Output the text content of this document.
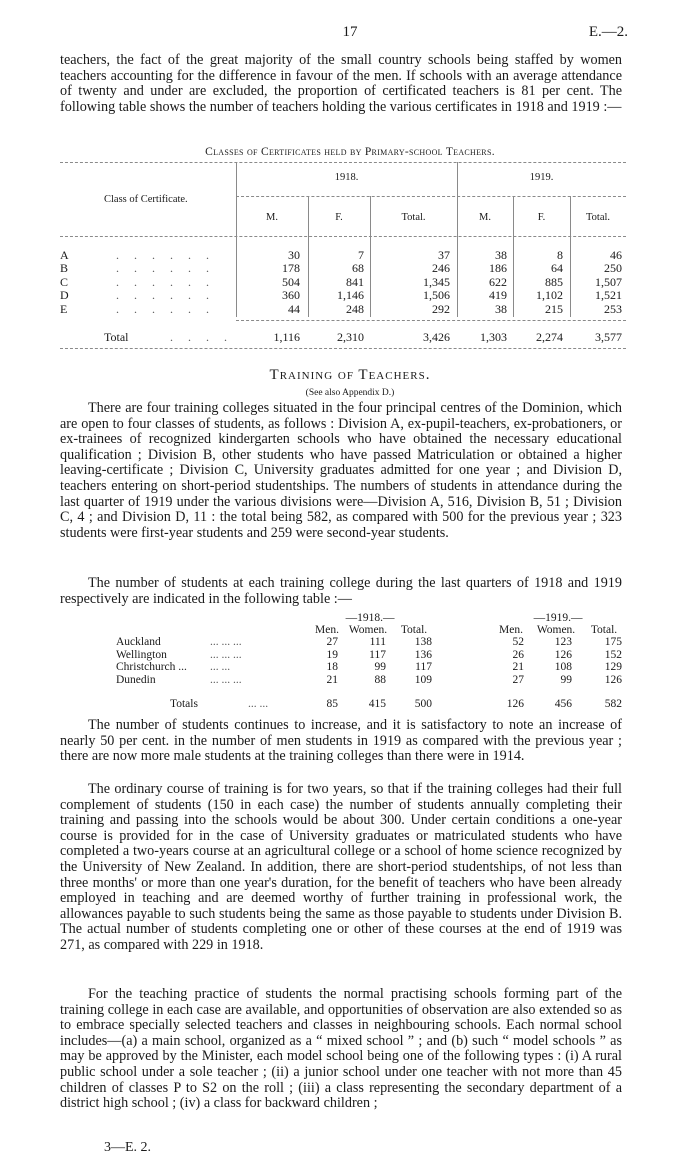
17	E.—2.

teachers, the fact of the great majority of the small country schools being staffed by women teachers accounting for the difference in favour of the men. If schools with an average attendance of twenty and under are excluded, the proportion of certificated teachers is 81 per cent. The following table shows the number of teachers holding the various certificates in 1918 and 1919 :—

Classes of Certificates held by Primary-school Teachers.
Class of Certificate.
1918.	1919.
M.	F.	Total.	M.	F.	Total.
A	. . . . . .	30	7	37	38	8	46
B	. . . . . .	178	68	246	186	64	250
C	. . . . . .	504	841	1,345	622	885	1,507
D	. . . . . .	360	1,146	1,506	419	1,102	1,521
E	. . . . . .	44	248	292	38	215	253
Total	. . . .	1,116	2,310	3,426	1,303	2,274	3,577
Training of Teachers.
(See also Appendix D.)

There are four training colleges situated in the four principal centres of the Dominion, which are open to four classes of students, as follows : Division A, ex-pupil-teachers, ex-probationers, or ex-trainees of recognized kindergarten schools who have obtained the necessary educational qualification ; Division B, other students who have passed Matriculation or obtained a higher leaving-certificate ; Division C, University graduates admitted for one year ; and Division D, teachers entering on short-period studentships. The numbers of students in attendance during the last quarter of 1919 under the various divisions were—Division A, 516, Division B, 51 ; Division C, 4 ; and Division D, 11 : the total being 582, as compared with 500 for the previous year ; 323 students were first-year students and 259 were second-year students.

The number of students at each training college during the last quarters of 1918 and 1919 respectively are indicated in the following table :—

—1918.—	—1919.—
Men. Women.	Total.	Men.	Women.	Total.
Auckland	... ... ...	27	111	138	52	123	175
Wellington	... ... ...	19	117	136	26	126	152
Christchurch ... ... ...	18	99	117	21	108	129
Dunedin	... ... ...	21	88	109	27	99	126
Totals	... ...	85	415	500	126	456	582

The number of students continues to increase, and it is satisfactory to note an increase of nearly 50 per cent. in the number of men students in 1919 as compared with the previous year ; there are now more male students at the training colleges than there were in 1914.

The ordinary course of training is for two years, so that if the training colleges had their full complement of students (150 in each case) the number of students annually completing their training and passing into the schools would be about 300. Under certain conditions a one-year course is provided for in the case of University graduates or matriculated students who have completed a two-years course at an agricultural college or a school of home science recognized by the University of New Zealand. In addition, there are short-period studentships, of not less than three months' or more than one year's duration, for the benefit of teachers who have been already employed in teaching and are deemed worthy of further training in professional work, the allowances payable to such students being the same as those payable to students under Division B. The actual number of students completing one or other of these courses at the end of 1919 was 271, as compared with 229 in 1918.

For the teaching practice of students the normal practising schools forming part of the training college in each case are available, and opportunities of observation are also extended so as to embrace specially selected teachers and classes in neighbouring schools. Each normal school includes—(a) a main school, organized as a “ mixed school ” ; and (b) such “ model schools ” as may be approved by the Minister, each model school being one of the following types : (i) A rural public school under a sole teacher ; (ii) a junior school under one teacher with not more than 45 children of classes P to S2 on the roll ; (iii) a class representing the secondary department of a district high school ; (iv) a class for backward children ;

3—E. 2.
